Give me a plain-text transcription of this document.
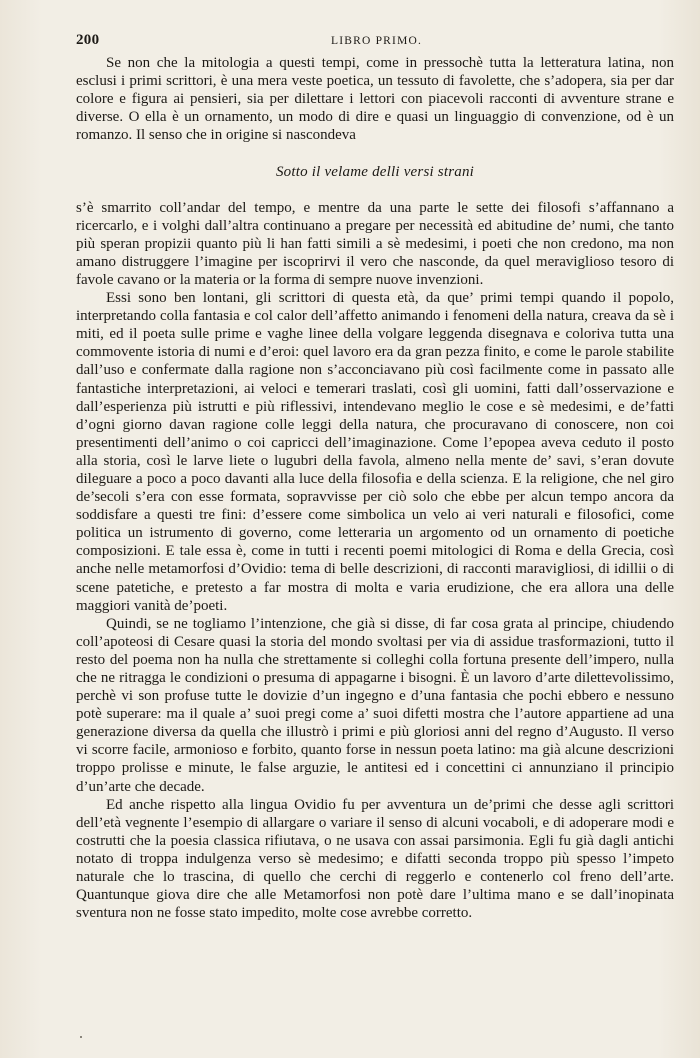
200	LIBRO PRIMO.

Se non che la mitologia a questi tempi, come in pressochè tutta la letteratura latina, non esclusi i primi scrittori, è una mera veste poetica, un tessuto di favolette, che s’adopera, sia per dar colore e figura ai pensieri, sia per dilettare i lettori con piacevoli racconti di avventure strane e diverse. O ella è un ornamento, un modo di dire e quasi un linguaggio di convenzione, od è un romanzo. Il senso che in origine si nascondeva

Sotto il velame delli versi strani

s’è smarrito coll’andar del tempo, e mentre da una parte le sette dei filosofi s’affannano a ricercarlo, e i volghi dall’altra continuano a pregare per necessità ed abitudine de’ numi, che tanto più speran propizii quanto più li han fatti simili a sè medesimi, i poeti che non credono, ma non amano distruggere l’imagine per iscoprirvi il vero che nasconde, da quel meraviglioso tesoro di favole cavano or la materia or la forma di sempre nuove invenzioni.

Essi sono ben lontani, gli scrittori di questa età, da que’ primi tempi quando il popolo, interpretando colla fantasia e col calor dell’affetto animando i fenomeni della natura, creava da sè i miti, ed il poeta sulle prime e vaghe linee della volgare leggenda disegnava e coloriva tutta una commovente istoria di numi e d’eroi: quel lavoro era da gran pezza finito, e come le parole stabilite dall’uso e confermate dalla ragione non s’acconciavano più così facilmente come in passato alle fantastiche interpretazioni, ai veloci e temerari traslati, così gli uomini, fatti dall’osservazione e dall’esperienza più istrutti e più riflessivi, intendevano meglio le cose e sè medesimi, e de’fatti d’ogni giorno davan ragione colle leggi della natura, che procuravano di conoscere, non coi presentimenti dell’animo o coi capricci dell’imaginazione. Come l’epopea aveva ceduto il posto alla storia, così le larve liete o lugubri della favola, almeno nella mente de’ savi, s’eran dovute dileguare a poco a poco davanti alla luce della filosofia e della scienza. E la religione, che nel giro de’secoli s’era con esse formata, sopravvisse per ciò solo che ebbe per alcun tempo ancora da soddisfare a questi tre fini: d’essere come simbolica un velo ai veri naturali e filosofici, come politica un istrumento di governo, come letteraria un argomento od un ornamento di poetiche composizioni. E tale essa è, come in tutti i recenti poemi mitologici di Roma e della Grecia, così anche nelle metamorfosi d’Ovidio: tema di belle descrizioni, di racconti maravigliosi, di idillii o di scene patetiche, e pretesto a far mostra di molta e varia erudizione, che era allora una delle maggiori vanità de’poeti.

Quindi, se ne togliamo l’intenzione, che già si disse, di far cosa grata al principe, chiudendo coll’apoteosi di Cesare quasi la storia del mondo svoltasi per via di assidue trasformazioni, tutto il resto del poema non ha nulla che strettamente si colleghi colla fortuna presente dell’impero, nulla che ne ritragga le condizioni o presuma di appagarne i bisogni. È un lavoro d’arte dilettevolissimo, perchè vi son profuse tutte le dovizie d’un ingegno e d’una fantasia che pochi ebbero e nessuno potè superare: ma il quale a’ suoi pregi come a’ suoi difetti mostra che l’autore appartiene ad una generazione diversa da quella che illustrò i primi e più gloriosi anni del regno d’Augusto. Il verso vi scorre facile, armonioso e forbito, quanto forse in nessun poeta latino: ma già alcune descrizioni troppo prolisse e minute, le false arguzie, le antitesi ed i concettini ci annunziano il principio d’un’arte che decade.

Ed anche rispetto alla lingua Ovidio fu per avventura un de’primi che desse agli scrittori dell’età vegnente l’esempio di allargare o variare il senso di alcuni vocaboli, e di adoperare modi e costrutti che la poesia classica rifiutava, o ne usava con assai parsimonia. Egli fu già dagli antichi notato di troppa indulgenza verso sè medesimo; e difatti seconda troppo più spesso l’impeto naturale che lo trascina, di quello che cerchi di reggerlo e contenerlo col freno dell’arte. Quantunque giova dire che alle Metamorfosi non potè dare l’ultima mano e se dall’inopinata sventura non ne fosse stato impedito, molte cose avrebbe corretto.
